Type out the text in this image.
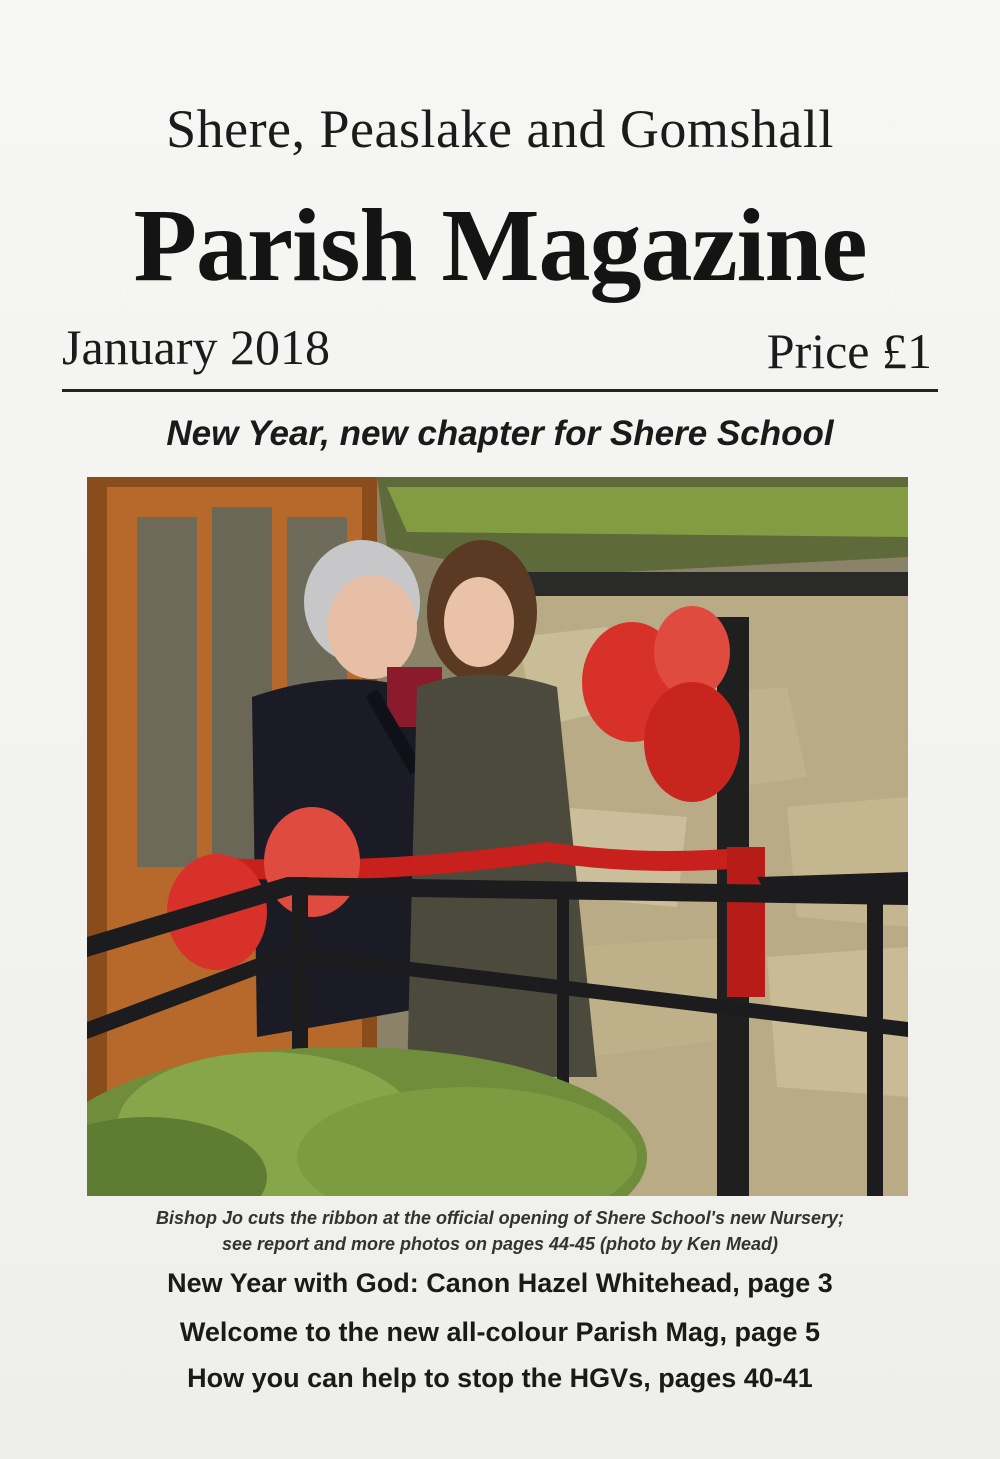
Shere, Peaslake and Gomshall
Parish Magazine
January 2018	Price £1
New Year, new chapter for Shere School
Bishop Jo cuts the ribbon at the official opening of Shere School's new Nursery;
see report and more photos on pages 44-45 (photo by Ken Mead)
New Year with God: Canon Hazel Whitehead, page 3
Welcome to the new all-colour Parish Mag, page 5
How you can help to stop the HGVs, pages 40-41
